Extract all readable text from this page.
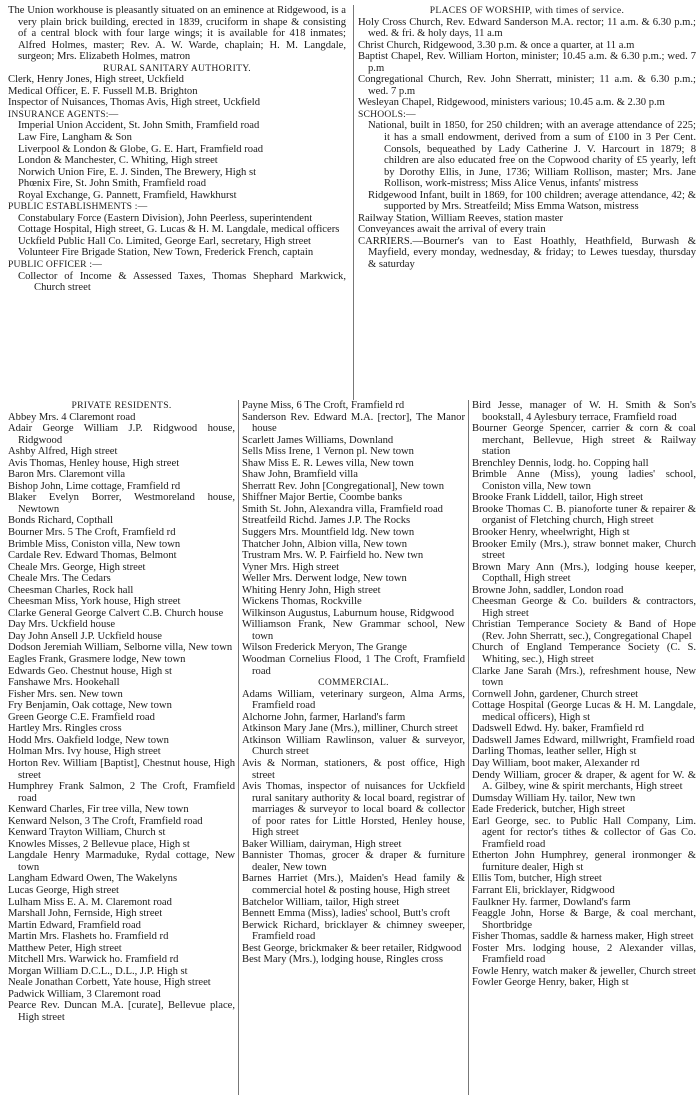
The Union workhouse is pleasantly situated on an eminence at Ridgewood, is a very plain brick building, erected in 1839, cruciform in shape & consisting of a central block with four large wings; it is available for 418 inmates; Alfred Holmes, master; Rev. A. W. Warde, chaplain; H. M. Langdale, surgeon; Mrs. Elizabeth Holmes, matron

RURAL SANITARY AUTHORITY.

Clerk, Henry Jones, High street, Uckfield

Medical Officer, E. F. Fussell M.B. Brighton

Inspector of Nuisances, Thomas Avis, High street, Uckfield

INSURANCE AGENTS:—

Imperial Union Accident, St. John Smith, Framfield road

Law Fire, Langham & Son

Liverpool & London & Globe, G. E. Hart, Framfield road

London & Manchester, C. Whiting, High street

Norwich Union Fire, E. J. Sinden, The Brewery, High st

Phœnix Fire, St. John Smith, Framfield road

Royal Exchange, G. Pannett, Framfield, Hawkhurst

PUBLIC ESTABLISHMENTS :—

Constabulary Force (Eastern Division), John Peerless, superintendent

Cottage Hospital, High street, G. Lucas & H. M. Langdale, medical officers

Uckfield Public Hall Co. Limited, George Earl, secretary, High street

Volunteer Fire Brigade Station, New Town, Frederick French, captain

PUBLIC OFFICER :—

Collector of Income & Assessed Taxes, Thomas Shephard Markwick, Church street

PLACES OF WORSHIP, with times of service.

Holy Cross Church, Rev. Edward Sanderson M.A. rector; 11 a.m. & 6.30 p.m.; wed. & fri. & holy days, 11 a.m

Christ Church, Ridgewood, 3.30 p.m. & once a quarter, at 11 a.m

Baptist Chapel, Rev. William Horton, minister; 10.45 a.m. & 6.30 p.m.; wed. 7 p.m

Congregational Church, Rev. John Sherratt, minister; 11 a.m. & 6.30 p.m.; wed. 7 p.m

Wesleyan Chapel, Ridgewood, ministers various; 10.45 a.m. & 2.30 p.m

SCHOOLS:—

National, built in 1850, for 250 children; with an average attendance of 225; it has a small endowment, derived from a sum of £100 in 3 Per Cent. Consols, bequeathed by Lady Catherine J. V. Harcourt in 1879; 8 children are also educated free on the Copwood charity of £5 yearly, left by Dorothy Ellis, in June, 1736; William Rollison, master; Mrs. Jane Rollison, work-mistress; Miss Alice Venus, infants' mistress

Ridgewood Infant, built in 1869, for 100 children; average attendance, 42; & supported by Mrs. Streatfeild; Miss Emma Watson, mistress

Railway Station, William Reeves, station master

Conveyances await the arrival of every train

CARRIERS.—Bourner's van to East Hoathly, Heathfield, Burwash & Mayfield, every monday, wednesday, & friday; to Lewes tuesday, thursday & saturday

PRIVATE RESIDENTS.

Abbey Mrs. 4 Claremont road

Adair George William J.P. Ridgwood house, Ridgwood

Ashby Alfred, High street

Avis Thomas, Henley house, High street

Baron Mrs. Claremont villa

Bishop John, Lime cottage, Framfield rd

Blaker Evelyn Borrer, Westmoreland house, Newtown

Bonds Richard, Copthall

Bourner Mrs. 5 The Croft, Framfield rd

Brimble Miss, Coniston villa, New town

Cardale Rev. Edward Thomas, Belmont

Cheale Mrs. George, High street

Cheale Mrs. The Cedars

Cheesman Charles, Rock hall

Cheesman Miss, York house, High street

Clarke General George Calvert C.B. Church house

Day Mrs. Uckfield house

Day John Ansell J.P. Uckfield house

Dodson Jeremiah William, Selborne villa, New town

Eagles Frank, Grasmere lodge, New town

Edwards Geo. Chestnut house, High st

Fanshawe Mrs. Hookehall

Fisher Mrs. sen. New town

Fry Benjamin, Oak cottage, New town

Green George C.E. Framfield road

Hartley Mrs. Ringles cross

Hodd Mrs. Oakfield lodge, New town

Holman Mrs. Ivy house, High street

Horton Rev. William [Baptist], Chestnut house, High street

Humphrey Frank Salmon, 2 The Croft, Framfield road

Kenward Charles, Fir tree villa, New town

Kenward Nelson, 3 The Croft, Framfield road

Kenward Trayton William, Church st

Knowles Misses, 2 Bellevue place, High st

Langdale Henry Marmaduke, Rydal cottage, New town

Langham Edward Owen, The Wakelyns

Lucas George, High street

Lulham Miss E. A. M. Claremont road

Marshall John, Fernside, High street

Martin Edward, Framfield road

Martin Mrs. Flashets ho. Framfield rd

Matthew Peter, High street

Mitchell Mrs. Warwick ho. Framfield rd

Morgan William D.C.L., D.L., J.P. High st

Neale Jonathan Corbett, Yate house, High street

Padwick William, 3 Claremont road

Pearce Rev. Duncan M.A. [curate], Bellevue place, High street

Payne Miss, 6 The Croft, Framfield rd

Sanderson Rev. Edward M.A. [rector], The Manor house

Scarlett James Williams, Downland

Sells Miss Irene, 1 Vernon pl. New town

Shaw Miss E. R. Lewes villa, New town

Shaw John, Bramfield villa

Sherratt Rev. John [Congregational], New town

Shiffner Major Bertie, Coombe banks

Smith St. John, Alexandra villa, Framfield road

Streatfeild Richd. James J.P. The Rocks

Suggers Mrs. Mountfield ldg. New town

Thatcher John, Albion villa, New town

Trustram Mrs. W. P. Fairfield ho. New twn

Vyner Mrs. High street

Weller Mrs. Derwent lodge, New town

Whiting Henry John, High street

Wickens Thomas, Rockville

Wilkinson Augustus, Laburnum house, Ridgwood

Williamson Frank, New Grammar school, New town

Wilson Frederick Meryon, The Grange

Woodman Cornelius Flood, 1 The Croft, Framfield road

COMMERCIAL.

Adams William, veterinary surgeon, Alma Arms, Framfield road

Alchorne John, farmer, Harland's farm

Atkinson Mary Jane (Mrs.), milliner, Church street

Atkinson William Rawlinson, valuer & surveyor, Church street

Avis & Norman, stationers, & post office, High street

Avis Thomas, inspector of nuisances for Uckfield rural sanitary authority & local board, registrar of marriages & surveyor to local board & collector of poor rates for Little Horsted, Henley house, High street

Baker William, dairyman, High street

Bannister Thomas, grocer & draper & furniture dealer, New town

Barnes Harriet (Mrs.), Maiden's Head family & commercial hotel & posting house, High street

Batchelor William, tailor, High street

Bennett Emma (Miss), ladies' school, Butt's croft

Berwick Richard, bricklayer & chimney sweeper, Framfield road

Best George, brickmaker & beer retailer, Ridgwood

Best Mary (Mrs.), lodging house, Ringles cross

Bird Jesse, manager of W. H. Smith & Son's bookstall, 4 Aylesbury terrace, Framfield road

Bourner George Spencer, carrier & corn & coal merchant, Bellevue, High street & Railway station

Brenchley Dennis, lodg. ho. Copping hall

Brimble Anne (Miss), young ladies' school, Coniston villa, New town

Brooke Frank Liddell, tailor, High street

Brooke Thomas C. B. pianoforte tuner & repairer & organist of Fletching church, High street

Brooker Henry, wheelwright, High st

Brooker Emily (Mrs.), straw bonnet maker, Church street

Brown Mary Ann (Mrs.), lodging house keeper, Copthall, High street

Browne John, saddler, London road

Cheesman George & Co. builders & contractors, High street

Christian Temperance Society & Band of Hope (Rev. John Sherratt, sec.), Congregational Chapel

Church of England Temperance Society (C. S. Whiting, sec.), High street

Clarke Jane Sarah (Mrs.), refreshment house, New town

Cornwell John, gardener, Church street

Cottage Hospital (George Lucas & H. M. Langdale, medical officers), High st

Dadswell Edwd. Hy. baker, Framfield rd

Dadswell James Edward, millwright, Framfield road

Darling Thomas, leather seller, High st

Day William, boot maker, Alexander rd

Dendy William, grocer & draper, & agent for W. & A. Gilbey, wine & spirit merchants, High street

Dumsday William Hy. tailor, New twn

Eade Frederick, butcher, High street

Earl George, sec. to Public Hall Company, Lim. agent for rector's tithes & collector of Gas Co. Framfield road

Etherton John Humphrey, general ironmonger & furniture dealer, High st

Ellis Tom, butcher, High street

Farrant Eli, bricklayer, Ridgwood

Faulkner Hy. farmer, Dowland's farm

Feaggle John, Horse & Barge, & coal merchant, Shortbridge

Fisher Thomas, saddle & harness maker, High street

Foster Mrs. lodging house, 2 Alexander villas, Framfield road

Fowle Henry, watch maker & jeweller, Church street

Fowler George Henry, baker, High st
